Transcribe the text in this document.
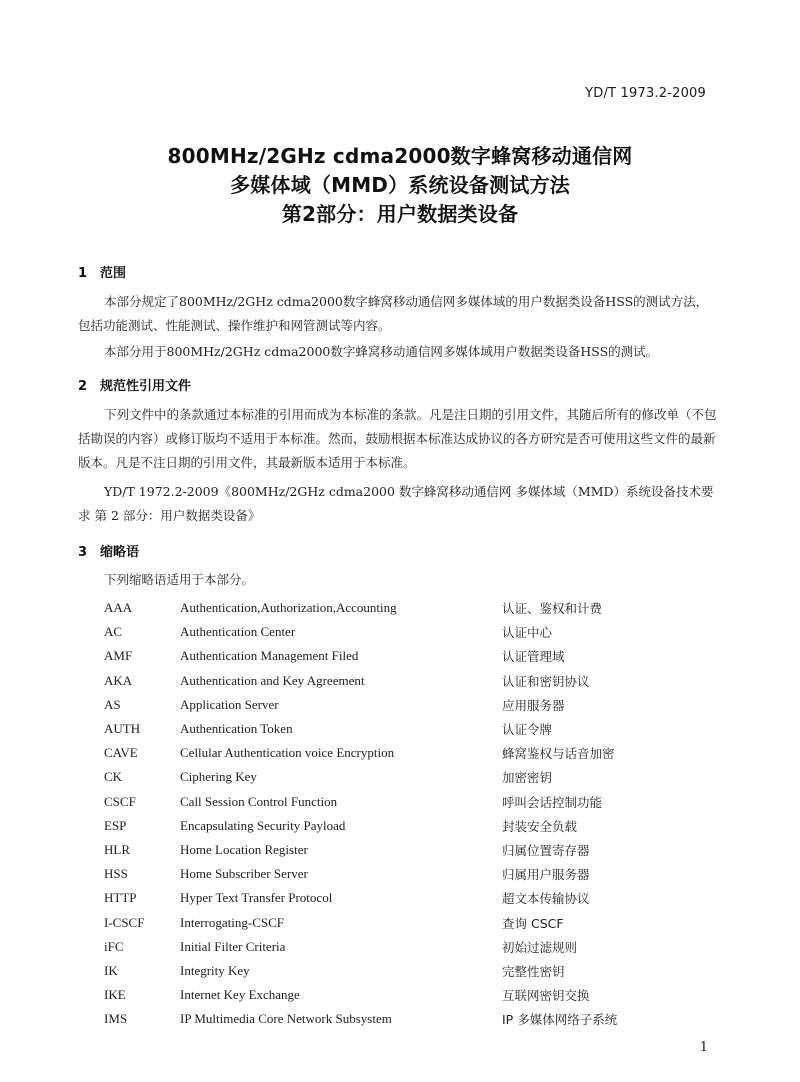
YD/T 1973.2-2009
800MHz/2GHz cdma2000数字蜂窝移动通信网
多媒体域（MMD）系统设备测试方法
第2部分：用户数据类设备
1 范围

本部分规定了800MHz/2GHz cdma2000数字蜂窝移动通信网多媒体域的用户数据类设备HSS的测试方法，包括功能测试、性能测试、操作维护和网管测试等内容。

本部分用于800MHz/2GHz cdma2000数字蜂窝移动通信网多媒体域用户数据类设备HSS的测试。

2 规范性引用文件

下列文件中的条款通过本标准的引用而成为本标准的条款。凡是注日期的引用文件，其随后所有的修改单（不包括勘误的内容）或修订版均不适用于本标准。然而，鼓励根据本标准达成协议的各方研究是否可使用这些文件的最新版本。凡是不注日期的引用文件，其最新版本适用于本标准。

YD/T 1972.2-2009《800MHz/2GHz cdma2000 数字蜂窝移动通信网 多媒体域（MMD）系统设备技术要求 第 2 部分：用户数据类设备》

3 缩略语

下列缩略语适用于本部分。

AAA	Authentication,Authorization,Accounting	认证、鉴权和计费
AC	Authentication Center	认证中心
AMF	Authentication Management Filed	认证管理域
AKA	Authentication and Key Agreement	认证和密钥协议
AS	Application Server	应用服务器
AUTH	Authentication Token	认证令牌
CAVE	Cellular Authentication voice Encryption	蜂窝鉴权与话音加密
CK	Ciphering Key	加密密钥
CSCF	Call Session Control Function	呼叫会话控制功能
ESP	Encapsulating Security Payload	封装安全负载
HLR	Home Location Register	归属位置寄存器
HSS	Home Subscriber Server	归属用户服务器
HTTP	Hyper Text Transfer Protocol	超文本传输协议
I-CSCF	Interrogating-CSCF	查询 CSCF
iFC	Initial Filter Criteria	初始过滤规则
IK	Integrity Key	完整性密钥
IKE	Internet Key Exchange	互联网密钥交换
IMS	IP Multimedia Core Network Subsystem	IP 多媒体网络子系统
1
